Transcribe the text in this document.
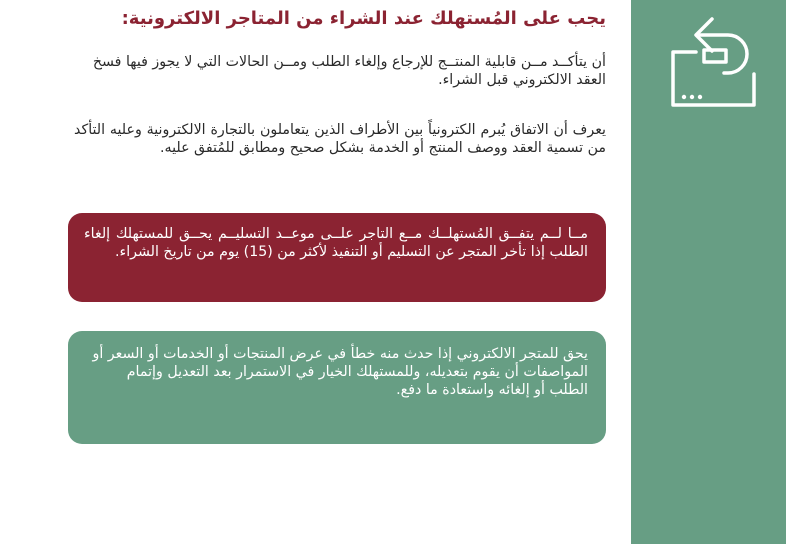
يجب على المُستهلك عند الشراء من المتاجر الالكترونية:

أن يتأكــد مــن قابلية المنتــج للإرجاع وإلغاء الطلب ومــن الحالات التي لا يجوز فيها فسخ العقد الالكتروني قبل الشراء.

يعرف أن الاتفاق يُبرم الكترونياً بين الأطراف الذين يتعاملون بالتجارة الالكترونية وعليه التأكد من تسمية العقد ووصف المنتج أو الخدمة بشكل صحيح ومطابق للمُتفق عليه.

مــا لــم يتفــق المُستهلــك مــع التاجر علــى موعــد التسليــم يحــق للمستهلك إلغاء الطلب إذا تأخر المتجر عن التسليم أو التنفيذ لأكثر من (15) يوم من تاريخ الشراء.
يحق للمتجر الالكتروني إذا حدث منه خطأ في عرض المنتجات أو الخدمات أو السعر أو المواصفات أن يقوم بتعديله، وللمستهلك الخيار في الاستمرار بعد التعديل وإتمام الطلب أو إلغائه واستعادة ما دفع.
